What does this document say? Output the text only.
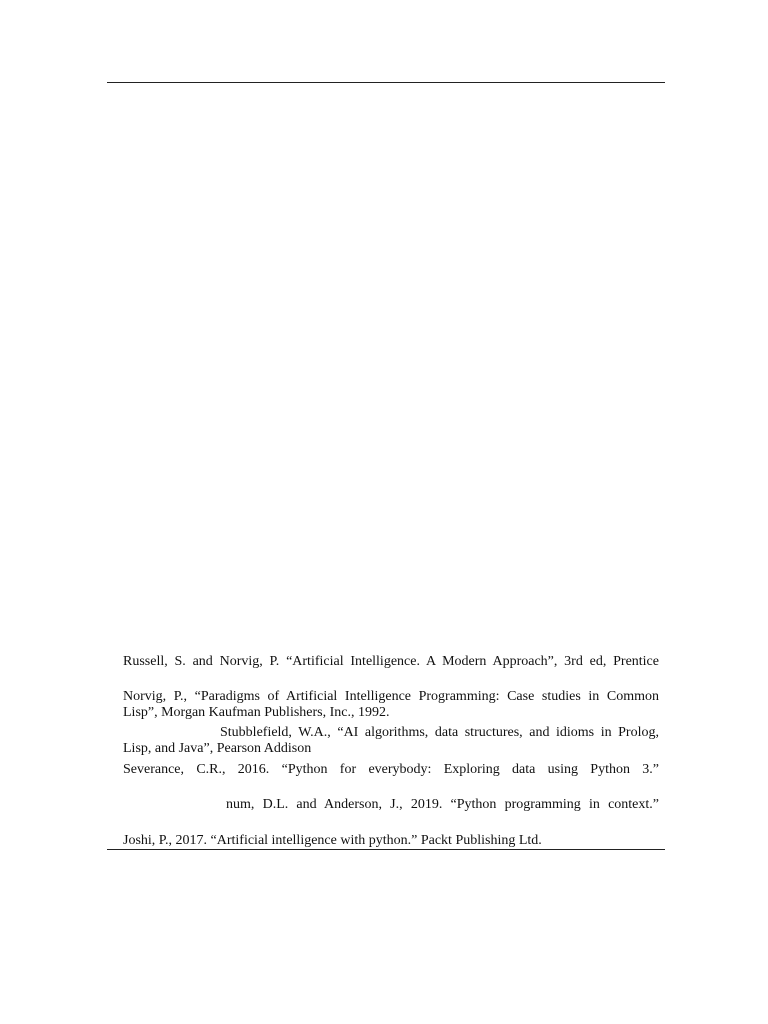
Russell, S. and Norvig, P. “Artificial Intelligence. A Modern Approach”, 3rd ed, Prentice

Norvig, P., “Paradigms of Artificial Intelligence Programming: Case studies in Common
Lisp”, Morgan Kaufman Publishers, Inc., 1992.

Stubblefield, W.A., “AI algorithms, data structures, and idioms in Prolog,

Lisp, and Java”, Pearson Addison

Severance, C.R., 2016. “Python for everybody: Exploring data using Python 3.”

num, D.L. and Anderson, J., 2019. “Python programming in context.”

Joshi, P., 2017. “Artificial intelligence with python.” Packt Publishing Ltd.
